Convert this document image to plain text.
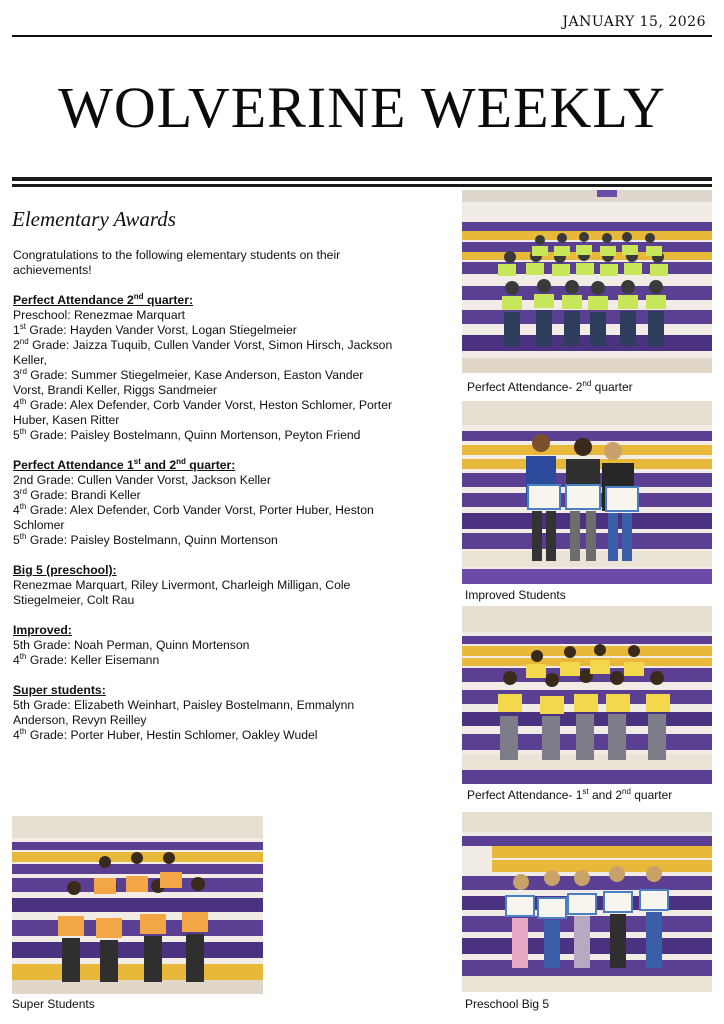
JANUARY 15, 2026
WOLVERINE WEEKLY
Elementary Awards

Congratulations to the following elementary students on their achievements!

Perfect Attendance 2nd quarter:

Preschool: Renezmae Marquart

1st Grade: Hayden Vander Vorst, Logan Stiegelmeier

2nd Grade: Jaizza Tuquib, Cullen Vander Vorst, Simon Hirsch, Jackson Keller,

3rd Grade: Summer Stiegelmeier, Kase Anderson, Easton Vander Vorst, Brandi Keller, Riggs Sandmeier

4th Grade: Alex Defender, Corb Vander Vorst, Heston Schlomer, Porter Huber, Kasen Ritter

5th Grade: Paisley Bostelmann, Quinn Mortenson, Peyton Friend

Perfect Attendance 1st and 2nd quarter:

2nd Grade: Cullen Vander Vorst, Jackson Keller

3rd Grade: Brandi Keller

4th Grade: Alex Defender, Corb Vander Vorst, Porter Huber, Heston Schlomer

5th Grade: Paisley Bostelmann, Quinn Mortenson

Big 5 (preschool):

Renezmae Marquart, Riley Livermont, Charleigh Milligan, Cole Stiegelmeier, Colt Rau

Improved:

5th Grade: Noah Perman, Quinn Mortenson

4th Grade: Keller Eisemann

Super students:

5th Grade: Elizabeth Weinhart, Paisley Bostelmann, Emmalynn Anderson, Revyn Reilley

4th Grade: Porter Huber, Hestin Schlomer, Oakley Wudel

Perfect Attendance- 2nd quarter
Improved Students
Perfect Attendance- 1st and 2nd quarter
Super Students	Preschool Big 5
